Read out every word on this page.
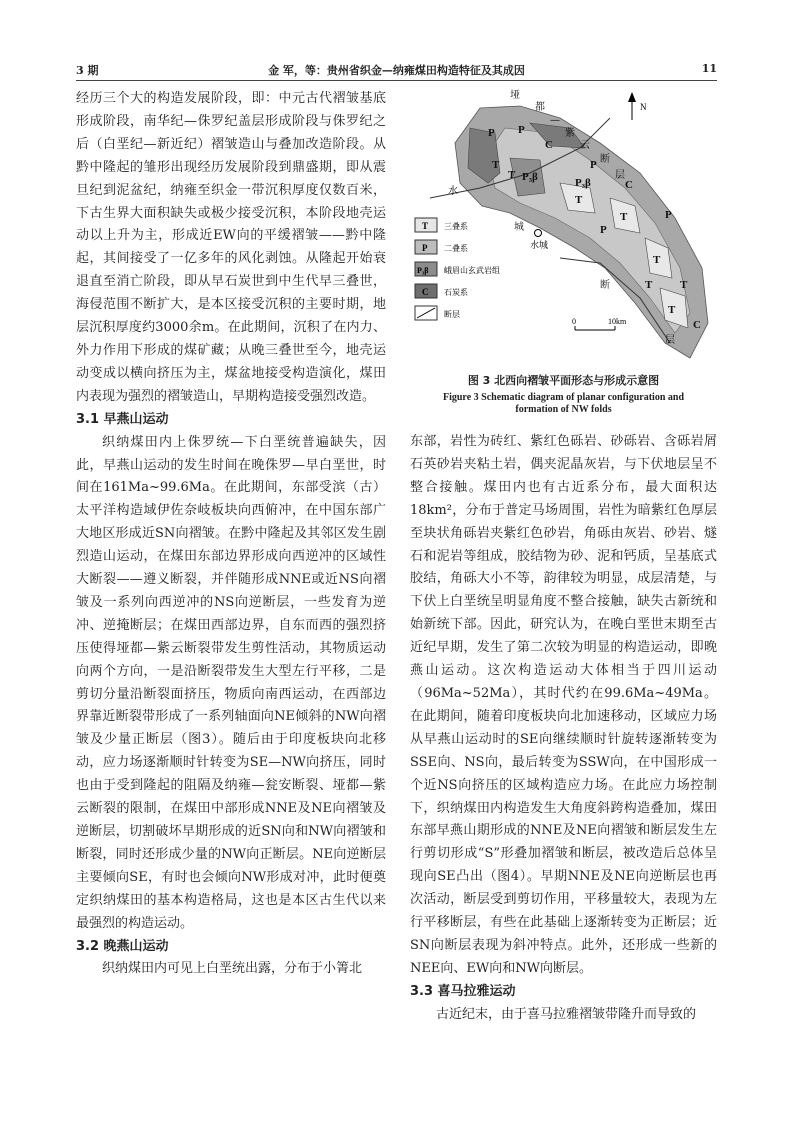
3 期	金 军，等：贵州省织金—纳雍煤田构造特征及其成因	11

经历三个大的构造发展阶段，即：中元古代褶皱基底形成阶段，南华纪—侏罗纪盖层形成阶段与侏罗纪之后（白垩纪—新近纪）褶皱造山与叠加改造阶段。从黔中隆起的雏形出现经历发展阶段到鼎盛期，即从震旦纪到泥盆纪，纳雍至织金一带沉积厚度仅数百米，下古生界大面积缺失或极少接受沉积，本阶段地壳运动以上升为主，形成近EW向的平缓褶皱——黔中隆起，其间接受了一亿多年的风化剥蚀。从隆起开始衰退直至消亡阶段，即从早石炭世到中生代早三叠世，海侵范围不断扩大，是本区接受沉积的主要时期，地层沉积厚度约3000余m。在此期间，沉积了在内力、外力作用下形成的煤矿藏；从晚三叠世至今，地壳运动变成以横向挤压为主，煤盆地接受构造演化，煤田内表现为强烈的褶皱造山，早期构造接受强烈改造。

3.1 早燕山运动

织纳煤田内上侏罗统—下白垩统普遍缺失，因此，早燕山运动的发生时间在晚侏罗—早白垩世，时间在161Ma~99.6Ma。在此期间，东部受滨（古）太平洋构造域伊佐奈岐板块向西俯冲，在中国东部广大地区形成近SN向褶皱。在黔中隆起及其邻区发生剧烈造山运动，在煤田东部边界形成向西逆冲的区域性大断裂——遵义断裂，并伴随形成NNE或近NS向褶皱及一系列向西逆冲的NS向逆断层，一些发育为逆冲、逆掩断层；在煤田西部边界，自东而西的强烈挤压使得垭都—紫云断裂带发生剪性活动，其物质运动向两个方向，一是沿断裂带发生大型左行平移，二是剪切分量沿断裂面挤压，物质向南西运动，在西部边界靠近断裂带形成了一系列轴面向NE倾斜的NW向褶皱及少量正断层（图3）。随后由于印度板块向北移动，应力场逐渐顺时针转变为SE—NW向挤压，同时也由于受到隆起的阻隔及纳雍—瓮安断裂、垭都—紫云断裂的限制，在煤田中部形成NNE及NE向褶皱及逆断层，切割破坏早期形成的近SN向和NW向褶皱和断裂，同时还形成少量的NW向正断层。NE向逆断层主要倾向SE，有时也会倾向NW形成对冲，此时便奠定织纳煤田的基本构造格局，这也是本区古生代以来最强烈的构造运动。

3.2 晚燕山运动

织纳煤田内可见上白垩统出露，分布于小箐北

P
C
P
T P₃β
T
P₃β
T
P
C
T
T
T
P
T
P
T
C
垭
都
—
紫
云
断
层
水
城
断
层
水城
N
T 三叠系
P 二叠系
P₃β 峨眉山玄武岩组
C 石炭系
断层
0	10km
图 3 北西向褶皱平面形态与形成示意图
Figure 3 Schematic diagram of planar configuration and formation of NW folds

东部，岩性为砖红、紫红色砾岩、砂砾岩、含砾岩屑石英砂岩夹粘土岩，偶夹泥晶灰岩，与下伏地层呈不整合接触。煤田内也有古近系分布，最大面积达18km²，分布于普定马场周围，岩性为暗紫红色厚层至块状角砾岩夹紫红色砂岩，角砾由灰岩、砂岩、燧石和泥岩等组成，胶结物为砂、泥和钙质，呈基底式胶结，角砾大小不等，韵律较为明显，成层清楚，与下伏上白垩统呈明显角度不整合接触，缺失古新统和始新统下部。因此，研究认为，在晚白垩世末期至古近纪早期，发生了第二次较为明显的构造运动，即晚燕山运动。这次构造运动大体相当于四川运动（96Ma~52Ma），其时代约在99.6Ma~49Ma。在此期间，随着印度板块向北加速移动，区域应力场从早燕山运动时的SE向继续顺时针旋转逐渐转变为SSE向、NS向，最后转变为SSW向，在中国形成一个近NS向挤压的区域构造应力场。在此应力场控制下，织纳煤田内构造发生大角度斜跨构造叠加，煤田东部早燕山期形成的NNE及NE向褶皱和断层发生左行剪切形成“S”形叠加褶皱和断层，被改造后总体呈现向SE凸出（图4）。早期NNE及NE向逆断层也再次活动，断层受到剪切作用，平移量较大，表现为左行平移断层，有些在此基础上逐渐转变为正断层；近SN向断层表现为斜冲特点。此外，还形成一些新的NEE向、EW向和NW向断层。

3.3 喜马拉雅运动

古近纪末，由于喜马拉雅褶皱带隆升而导致的
